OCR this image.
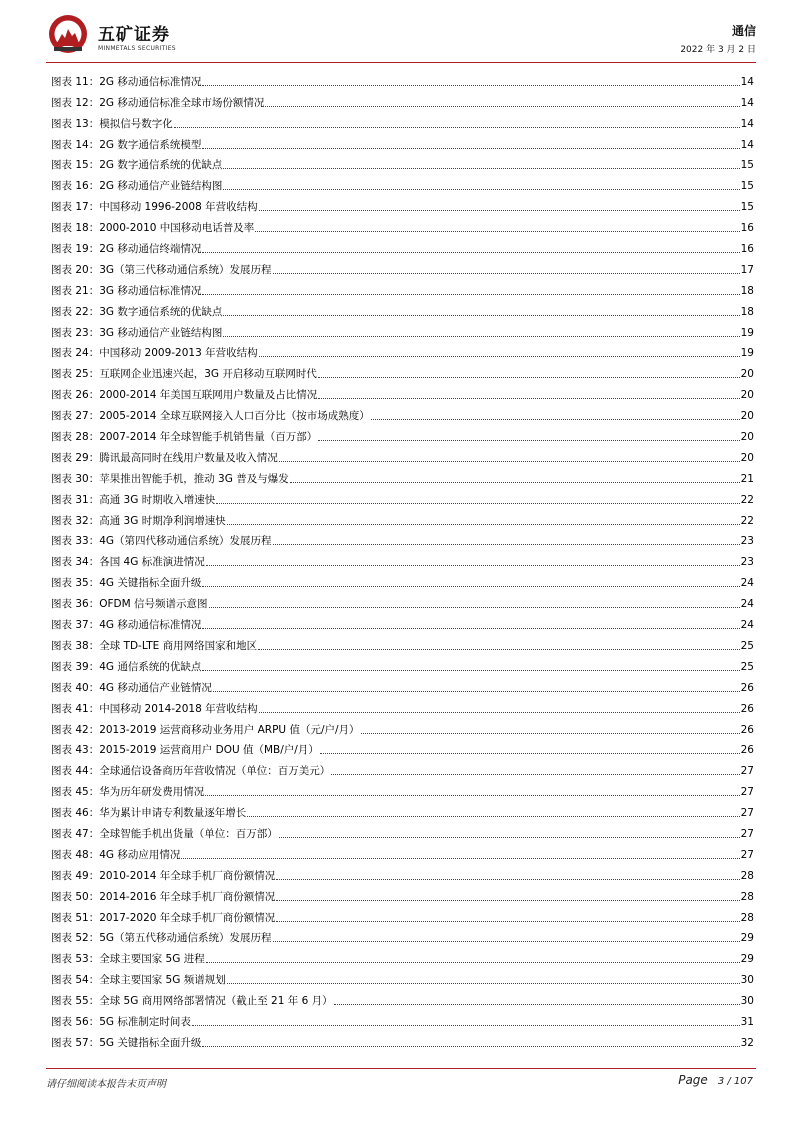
五矿证券
MINMETALS SECURITIES
通信
2022 年 3 月 2 日
图表 11：2G 移动通信标准情况	14
图表 12：2G 移动通信标准全球市场份额情况	14
图表 13：模拟信号数字化	14
图表 14：2G 数字通信系统模型	14
图表 15：2G 数字通信系统的优缺点	15
图表 16：2G 移动通信产业链结构图	15
图表 17：中国移动 1996-2008 年营收结构	15
图表 18：2000-2010 中国移动电话普及率	16
图表 19：2G 移动通信终端情况	16
图表 20：3G（第三代移动通信系统）发展历程	17
图表 21：3G 移动通信标准情况	18
图表 22：3G 数字通信系统的优缺点	18
图表 23：3G 移动通信产业链结构图	19
图表 24：中国移动 2009-2013 年营收结构	19
图表 25：互联网企业迅速兴起，3G 开启移动互联网时代	20
图表 26：2000-2014 年美国互联网用户数量及占比情况	20
图表 27：2005-2014 全球互联网接入人口百分比（按市场成熟度）	20
图表 28：2007-2014 年全球智能手机销售量（百万部）	20
图表 29：腾讯最高同时在线用户数量及收入情况	20
图表 30：苹果推出智能手机，推动 3G 普及与爆发	21
图表 31：高通 3G 时期收入增速快	22
图表 32：高通 3G 时期净利润增速快	22
图表 33：4G（第四代移动通信系统）发展历程	23
图表 34：各国 4G 标准演进情况	23
图表 35：4G 关键指标全面升级	24
图表 36：OFDM 信号频谱示意图	24
图表 37：4G 移动通信标准情况	24
图表 38：全球 TD-LTE 商用网络国家和地区	25
图表 39：4G 通信系统的优缺点	25
图表 40：4G 移动通信产业链情况	26
图表 41：中国移动 2014-2018 年营收结构	26
图表 42：2013-2019 运营商移动业务用户 ARPU 值（元/户/月）	26
图表 43：2015-2019 运营商用户 DOU 值（MB/户/月）	26
图表 44：全球通信设备商历年营收情况（单位：百万美元）	27
图表 45：华为历年研发费用情况	27
图表 46：华为累计申请专利数量逐年增长	27
图表 47：全球智能手机出货量（单位：百万部）	27
图表 48：4G 移动应用情况	27
图表 49：2010-2014 年全球手机厂商份额情况	28
图表 50：2014-2016 年全球手机厂商份额情况	28
图表 51：2017-2020 年全球手机厂商份额情况	28
图表 52：5G（第五代移动通信系统）发展历程	29
图表 53：全球主要国家 5G 进程	29
图表 54：全球主要国家 5G 频谱规划	30
图表 55：全球 5G 商用网络部署情况（截止至 21 年 6 月）	30
图表 56：5G 标准制定时间表	31
图表 57：5G 关键指标全面升级	32
请仔细阅读本报告末页声明	Page 3 / 107
